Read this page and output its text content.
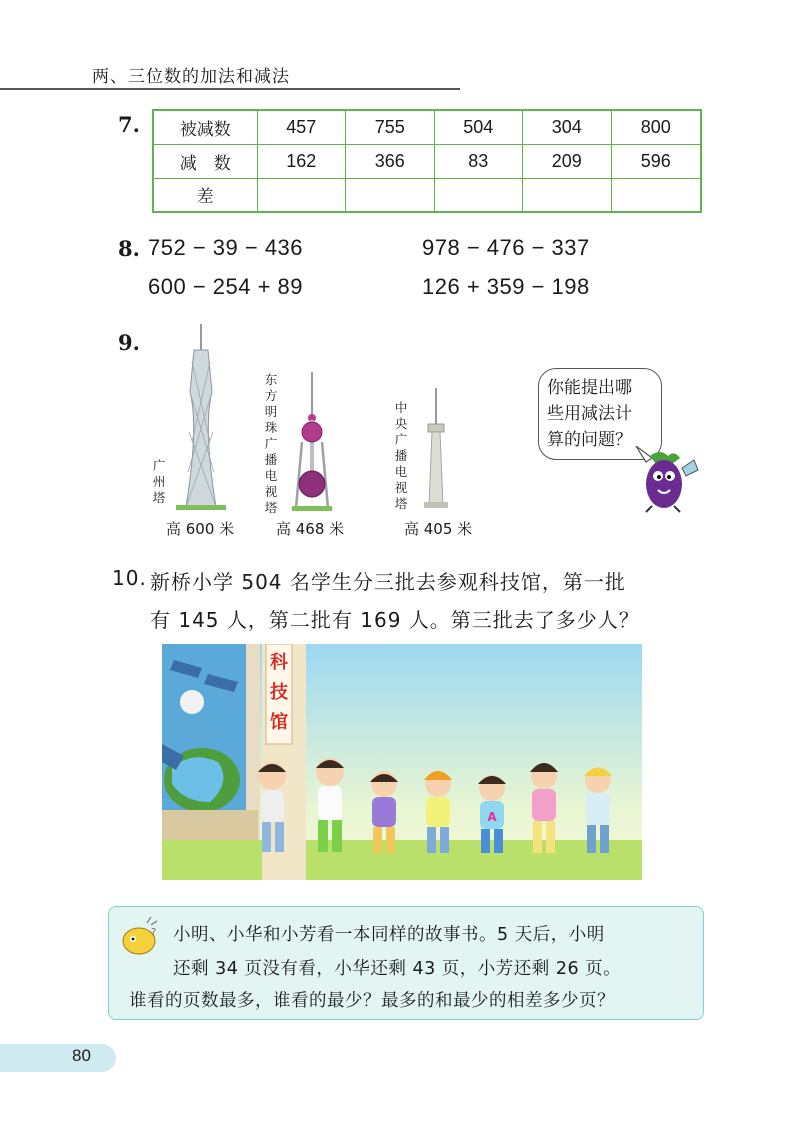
两、三位数的加法和减法
7. 被减数	457	755	504	304	800
减　数	162	366	83	209	596
差					
8. 752 − 39 − 436	978 − 476 − 337
600 − 254 + 89	126 + 359 − 198
9.
广
州
塔
高 600 米
东
方
明
珠
广
播
电
视
塔
高 468 米
中
央
广
播
电
视
塔
高 405 米
你能提出哪
些用减法计
算的问题？
10. 新桥小学 504 名学生分三批去参观科技馆，第一批
有 145 人，第二批有 169 人。第三批去了多少人？
科
技
馆
A
? 小明、小华和小芳看一本同样的故事书。5 天后，小明
还剩 34 页没有看，小华还剩 43 页，小芳还剩 26 页。
谁看的页数最多，谁看的最少？最多的和最少的相差多少页？
80
